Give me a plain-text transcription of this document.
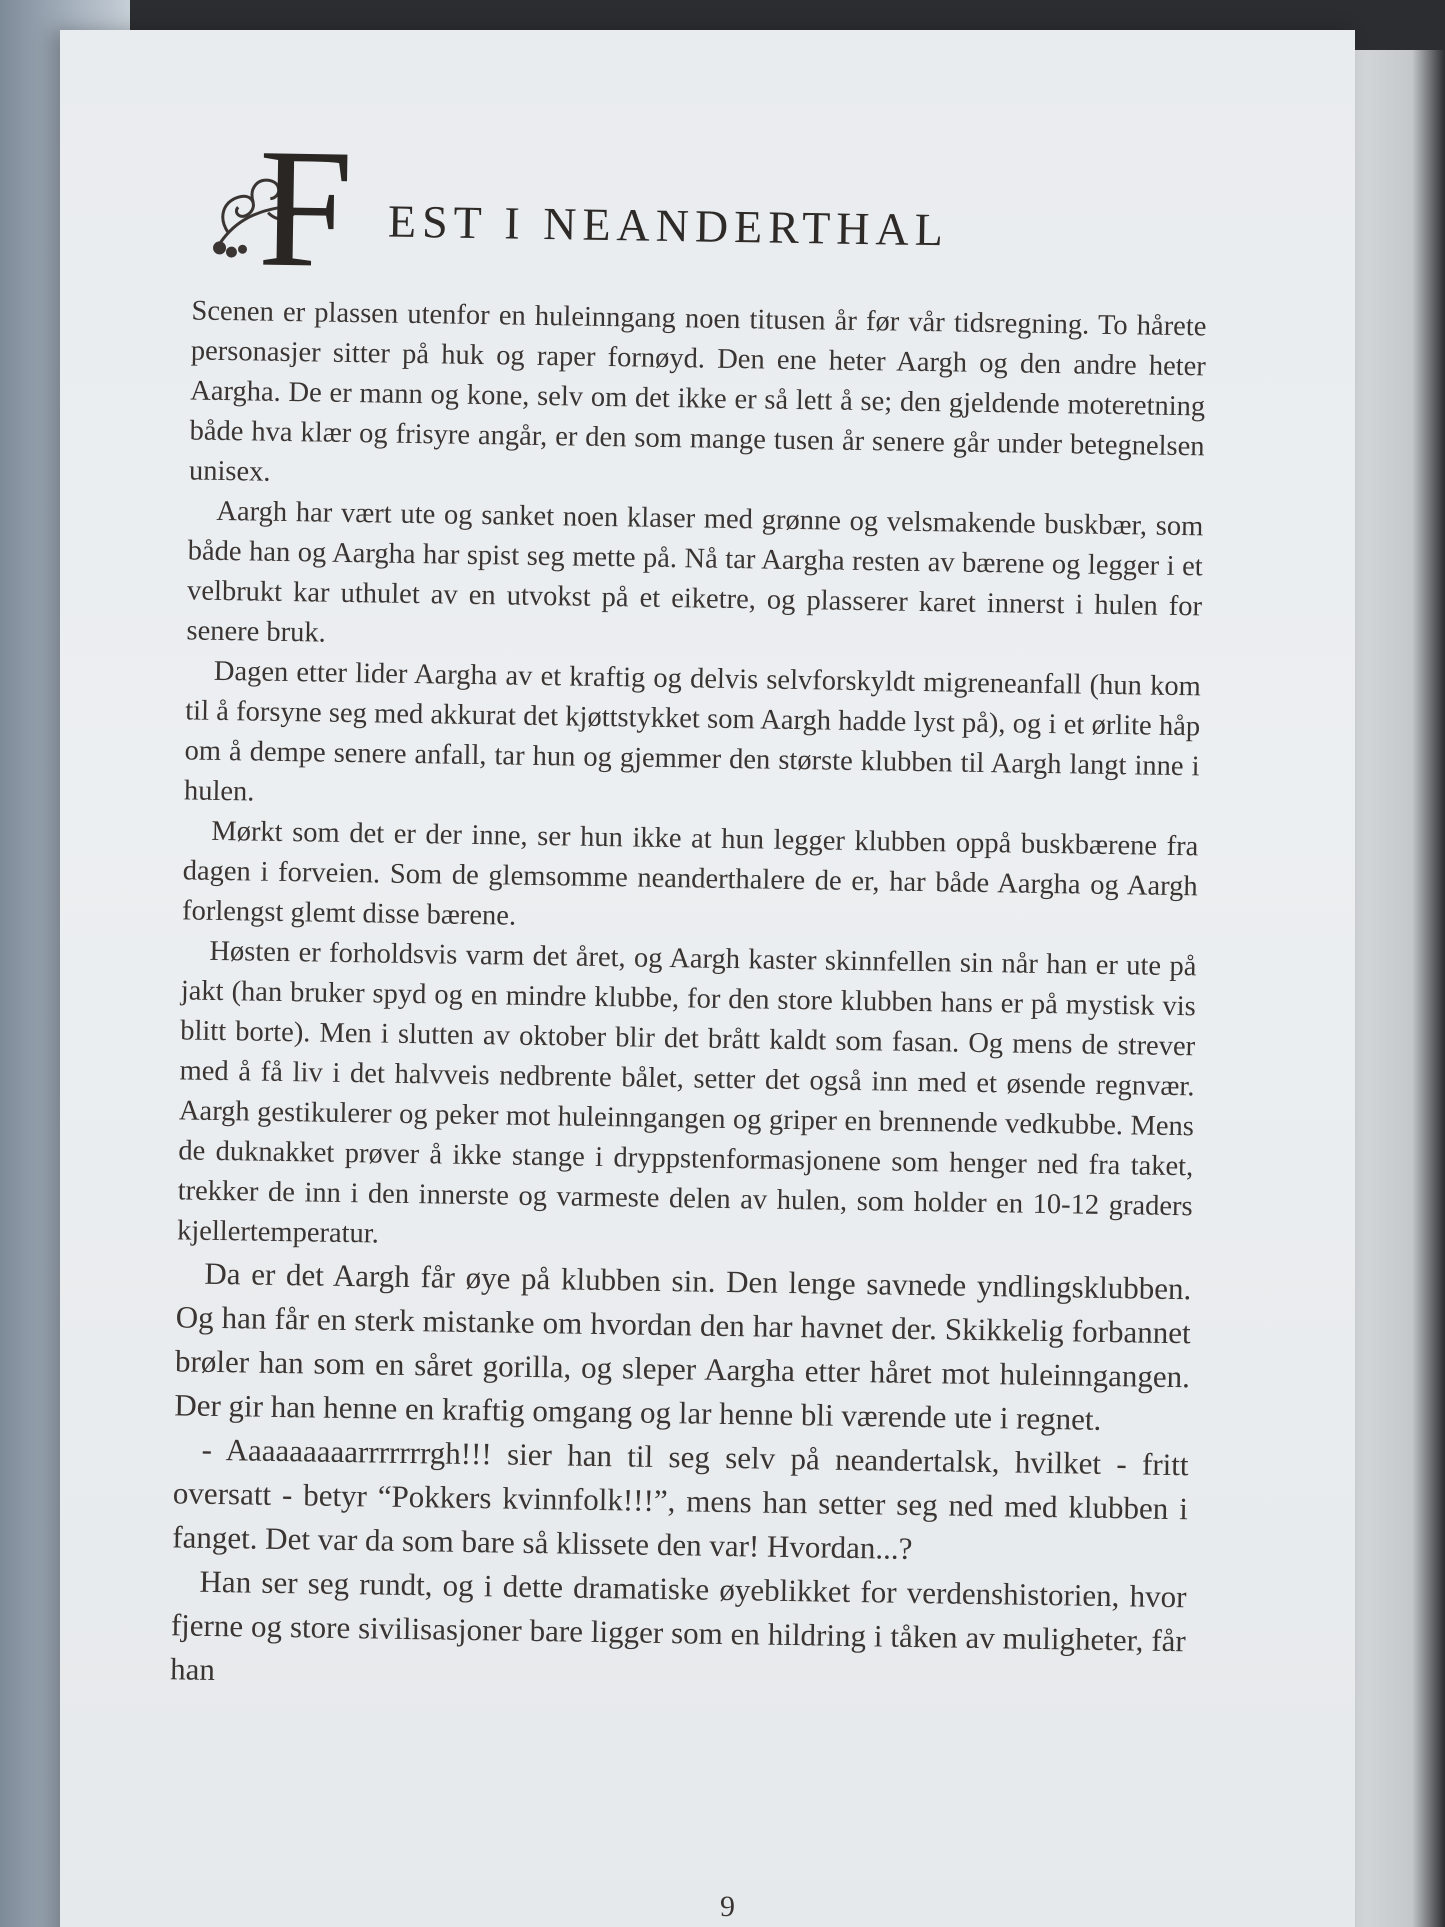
F EST I NEANDERTHAL

Scenen er plassen utenfor en huleinngang noen titusen år før vår tidsregning. To hårete personasjer sitter på huk og raper fornøyd. Den ene heter Aargh og den andre heter Aargha. De er mann og kone, selv om det ikke er så lett å se; den gjeldende moteretning både hva klær og frisyre angår, er den som mange tusen år senere går under betegnelsen unisex.

Aargh har vært ute og sanket noen klaser med grønne og velsmakende buskbær, som både han og Aargha har spist seg mette på. Nå tar Aargha resten av bærene og legger i et velbrukt kar uthulet av en utvokst på et eiketre, og plasserer karet innerst i hulen for senere bruk.

Dagen etter lider Aargha av et kraftig og delvis selvforskyldt migreneanfall (hun kom til å forsyne seg med akkurat det kjøttstykket som Aargh hadde lyst på), og i et ørlite håp om å dempe senere anfall, tar hun og gjemmer den største klubben til Aargh langt inne i hulen.

Mørkt som det er der inne, ser hun ikke at hun legger klubben oppå buskbærene fra dagen i forveien. Som de glemsomme neanderthalere de er, har både Aargha og Aargh forlengst glemt disse bærene.

Høsten er forholdsvis varm det året, og Aargh kaster skinnfellen sin når han er ute på jakt (han bruker spyd og en mindre klubbe, for den store klubben hans er på mystisk vis blitt borte). Men i slutten av oktober blir det brått kaldt som fasan. Og mens de strever med å få liv i det halvveis nedbrente bålet, setter det også inn med et øsende regnvær. Aargh gestikulerer og peker mot huleinngangen og griper en brennende vedkubbe. Mens de duknakket prøver å ikke stange i dryppstenformasjonene som henger ned fra taket, trekker de inn i den innerste og varmeste delen av hulen, som holder en 10-12 graders kjellertemperatur.

Da er det Aargh får øye på klubben sin. Den lenge savnede yndlingsklubben. Og han får en sterk mistanke om hvordan den har havnet der. Skikkelig forbannet brøler han som en såret gorilla, og sleper Aargha etter håret mot huleinngangen. Der gir han henne en kraftig omgang og lar henne bli værende ute i regnet.

- Aaaaaaaaarrrrrrrgh!!! sier han til seg selv på neandertalsk, hvilket - fritt oversatt - betyr “Pokkers kvinnfolk!!!”, mens han setter seg ned med klubben i fanget. Det var da som bare så klissete den var! Hvordan...?

Han ser seg rundt, og i dette dramatiske øyeblikket for verdenshistorien, hvor fjerne og store sivilisasjoner bare ligger som en hildring i tåken av muligheter, får han

9
